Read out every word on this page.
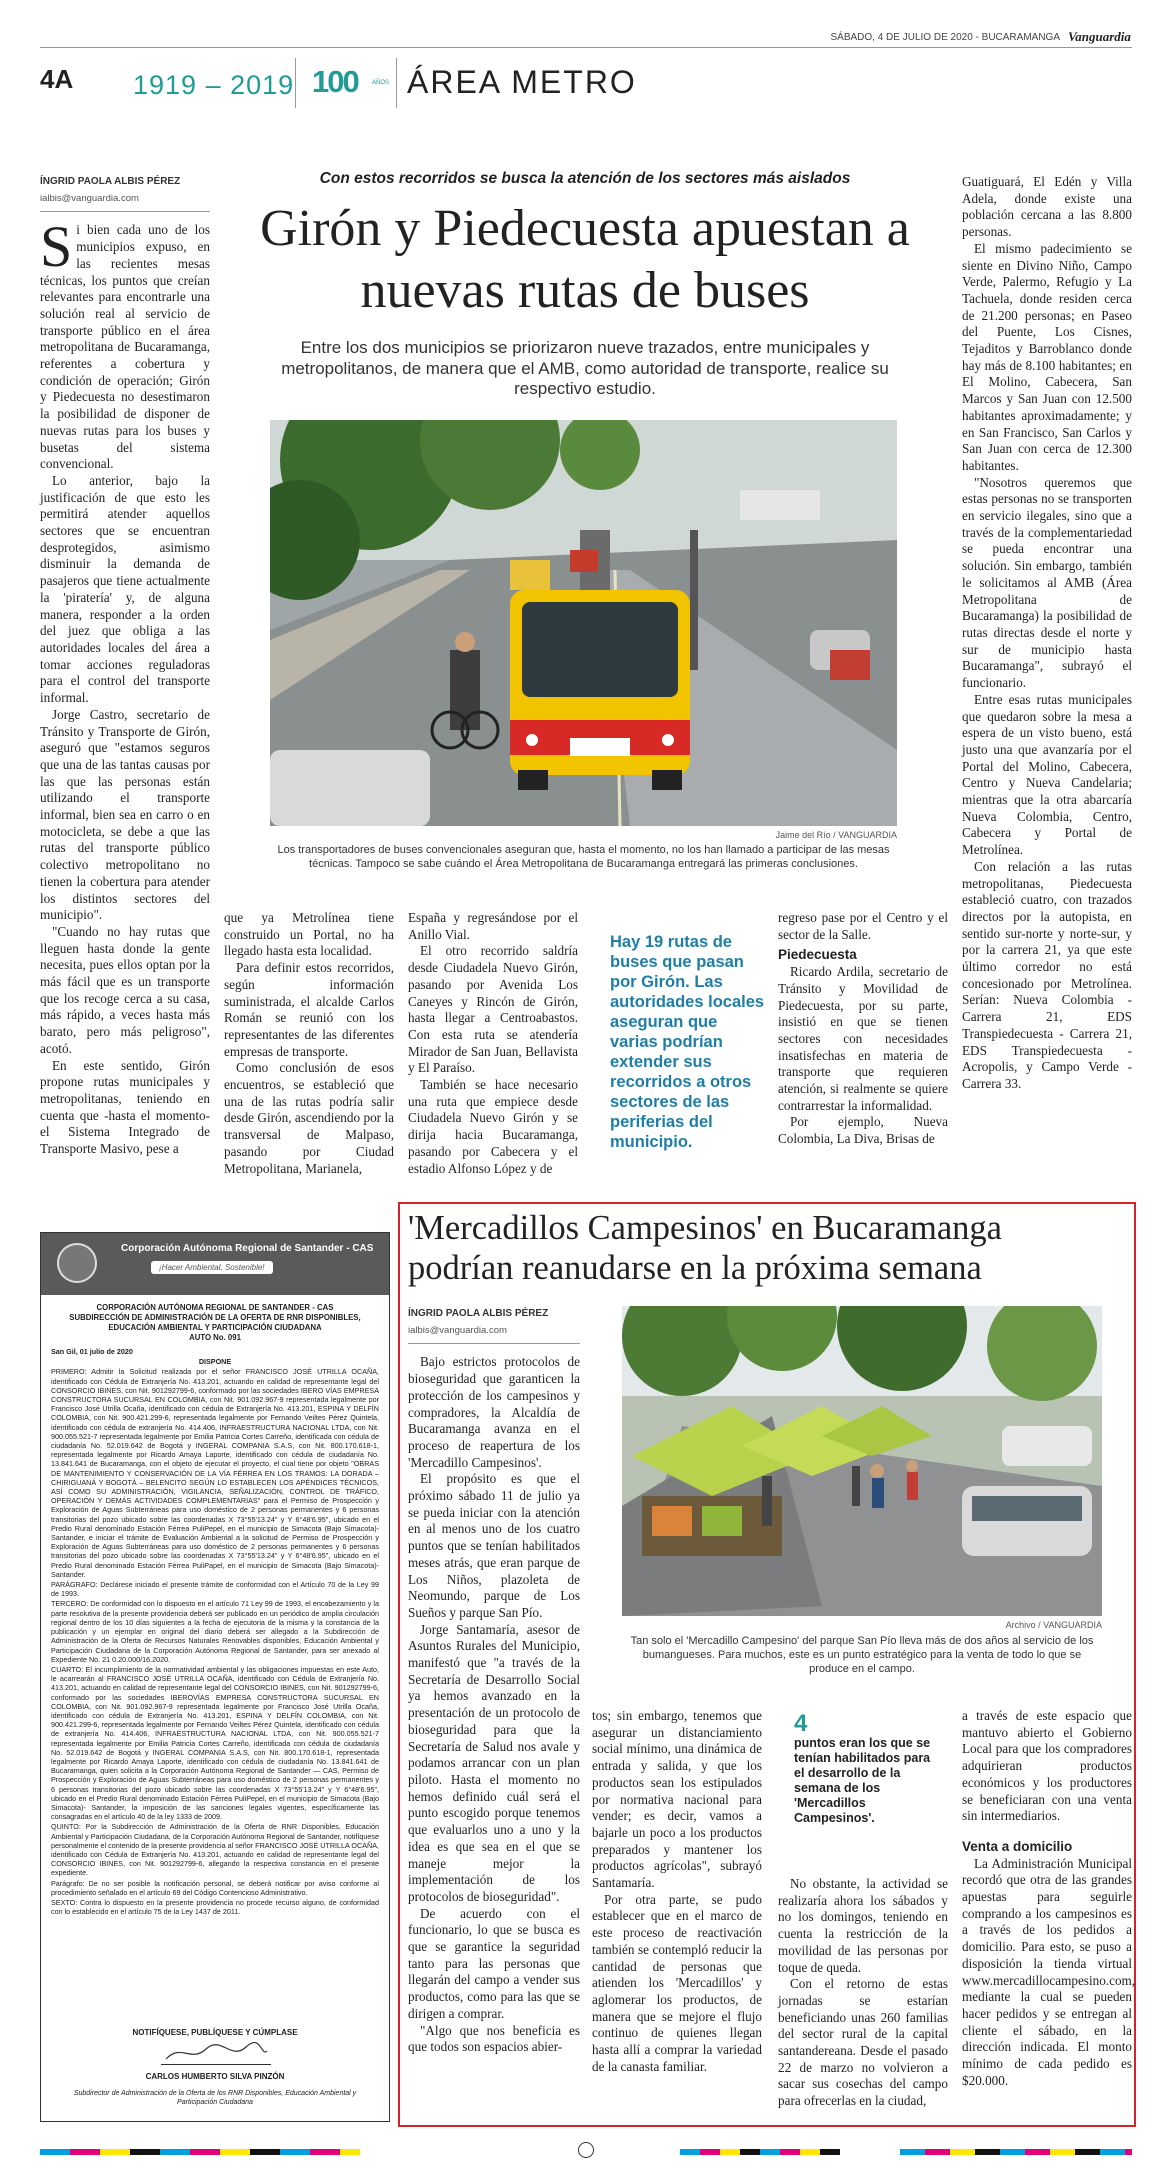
SÁBADO, 4 DE JULIO DE 2020 - BUCARAMANGA Vanguardia
4A 1919 – 2019 100 AÑOS ÁREA METRO
ÍNGRID PAOLA ALBIS PÉREZ
ialbis@vanguardia.com

Si bien cada uno de los municipios expuso, en las recientes mesas técnicas, los puntos que creían relevantes para encontrarle una solución real al servicio de transporte público en el área metropolitana de Bucaramanga, referentes a cobertura y condición de operación; Girón y Piedecuesta no desestimaron la posibilidad de disponer de nuevas rutas para los buses y busetas del sistema convencional.

Lo anterior, bajo la justificación de que esto les permitirá atender aquellos sectores que se encuentran desprotegidos, asimismo disminuir la demanda de pasajeros que tiene actualmente la 'piratería' y, de alguna manera, responder a la orden del juez que obliga a las autoridades locales del área a tomar acciones reguladoras para el control del transporte informal.

Jorge Castro, secretario de Tránsito y Transporte de Girón, aseguró que "estamos seguros que una de las tantas causas por las que las personas están utilizando el transporte informal, bien sea en carro o en motocicleta, se debe a que las rutas del transporte público colectivo metropolitano no tienen la cobertura para atender los distintos sectores del municipio".

"Cuando no hay rutas que lleguen hasta donde la gente necesita, pues ellos optan por la más fácil que es un transporte que los recoge cerca a su casa, más rápido, a veces hasta más barato, pero más peligroso", acotó.

En este sentido, Girón propone rutas municipales y metropolitanas, teniendo en cuenta que -hasta el momento- el Sistema Integrado de Transporte Masivo, pese a

Con estos recorridos se busca la atención de los sectores más aislados
Girón y Piedecuesta apuestan a
nuevas rutas de buses
Entre los dos municipios se priorizaron nueve trazados, entre municipales y metropolitanos, de manera que el AMB, como autoridad de transporte, realice su respectivo estudio.
Jaime del Río / VANGUARDIA
Los transportadores de buses convencionales aseguran que, hasta el momento, no los han llamado a participar de las mesas técnicas. Tampoco se sabe cuándo el Área Metropolitana de Bucaramanga entregará las primeras conclusiones.

que ya Metrolínea tiene construido un Portal, no ha llegado hasta esta localidad.

Para definir estos recorridos, según información suministrada, el alcalde Carlos Román se reunió con los representantes de las diferentes empresas de transporte.

Como conclusión de esos encuentros, se estableció que una de las rutas podría salir desde Girón, ascendiendo por la transversal de Malpaso, pasando por Ciudad Metropolitana, Marianela,

España y regresándose por el Anillo Vial.

El otro recorrido saldría desde Ciudadela Nuevo Girón, pasando por Avenida Los Caneyes y Rincón de Girón, hasta llegar a Centroabastos. Con esta ruta se atendería Mirador de San Juan, Bellavista y El Paraíso.

También se hace necesario una ruta que empiece desde Ciudadela Nuevo Girón y se dirija hacia Bucaramanga, pasando por Cabecera y el estadio Alfonso López y de

Hay 19 rutas de buses que pasan por Girón. Las autoridades locales aseguran que varias podrían extender sus recorridos a otros sectores de las periferias del municipio.

regreso pase por el Centro y el sector de la Salle.

Piedecuesta

Ricardo Ardila, secretario de Tránsito y Movilidad de Piedecuesta, por su parte, insistió en que se tienen sectores con necesidades insatisfechas en materia de transporte que requieren atención, si realmente se quiere contrarrestar la informalidad.

Por ejemplo, Nueva Colombia, La Diva, Brisas de

Guatiguará, El Edén y Villa Adela, donde existe una población cercana a las 8.800 personas.

El mismo padecimiento se siente en Divino Niño, Campo Verde, Palermo, Refugio y La Tachuela, donde residen cerca de 21.200 personas; en Paseo del Puente, Los Cisnes, Tejaditos y Barroblanco donde hay más de 8.100 habitantes; en El Molino, Cabecera, San Marcos y San Juan con 12.500 habitantes aproximadamente; y en San Francisco, San Carlos y San Juan con cerca de 12.300 habitantes.

"Nosotros queremos que estas personas no se transporten en servicio ilegales, sino que a través de la complementariedad se pueda encontrar una solución. Sin embargo, también le solicitamos al AMB (Área Metropolitana de Bucaramanga) la posibilidad de rutas directas desde el norte y sur de municipio hasta Bucaramanga", subrayó el funcionario.

Entre esas rutas municipales que quedaron sobre la mesa a espera de un visto bueno, está justo una que avanzaría por el Portal del Molino, Cabecera, Centro y Nueva Candelaria; mientras que la otra abarcaría Nueva Colombia, Centro, Cabecera y Portal de Metrolínea.

Con relación a las rutas metropolitanas, Piedecuesta estableció cuatro, con trazados directos por la autopista, en sentido sur-norte y norte-sur, y por la carrera 21, ya que este último corredor no está concesionado por Metrolínea. Serían: Nueva Colombia - Carrera 21, EDS Transpiedecuesta - Carrera 21, EDS Transpiedecuesta - Acropolis, y Campo Verde - Carrera 33.

Corporación Autónoma Regional de Santander - CAS
¡Hacer Ambiental, Sostenible!
CORPORACIÓN AUTÓNOMA REGIONAL DE SANTANDER - CAS
SUBDIRECCIÓN DE ADMINISTRACIÓN DE LA OFERTA DE RNR DISPONIBLES, EDUCACIÓN AMBIENTAL Y PARTICIPACIÓN CIUDADANA
AUTO No. 091

San Gil, 01 julio de 2020

DISPONE

PRIMERO: Admitir la Solicitud realizada por el señor FRANCISCO JOSÉ UTRILLA OCAÑA, identificado con Cédula de Extranjería No. 413.201, actuando en calidad de representante legal del CONSORCIO IBINES, con Nit. 901292799-6, conformado por las sociedades IBERO VÍAS EMPRESA CONSTRUCTORA SUCURSAL EN COLOMBIA, con Nit. 901.092.967-9 representada legalmente por Francisco José Utrilla Ocaña, identificado con cédula de Extranjería No. 413.201, ESPINA Y DELFÍN COLOMBIA, con Nit. 900.421.299-6, representada legalmente por Fernando Veiltes Pérez Quintela, identificado con cédula de extranjería No. 414.406, INFRAESTRUCTURA NACIONAL LTDA, con Nit. 900.055.521-7 representada legalmente por Emilia Patricia Cortes Carreño, identificada con cédula de ciudadanía No. 52.019.642 de Bogotá y INGERAL COMPANIA S.A.S, con Nit. 800.170.618-1, representada legalmente por Ricardo Amaya Laporte, identificado con cédula de ciudadanía No. 13.841.641 de Bucaramanga, con el objeto de ejecutar el proyecto, el cual tiene por objeto "OBRAS DE MANTENIMIENTO Y CONSERVACIÓN DE LA VÍA FÉRREA EN LOS TRAMOS: LA DORADA – CHIRIGUANÁ Y BOGOTÁ – BELENCITO SEGÚN LO ESTABLECEN LOS APÉNDICES TÉCNICOS, ASÍ COMO SU ADMINISTRACIÓN, VIGILANCIA, SEÑALIZACIÓN, CONTROL DE TRÁFICO, OPERACIÓN Y DEMÁS ACTIVIDADES COMPLEMENTARIAS" para el Permiso de Prospección y Exploración de Aguas Subterráneas para uso doméstico de 2 personas permanentes y 6 personas transitorias del pozo ubicado sobre las coordenadas X 73°55'13.24" y Y 6°48'6.95", ubicado en el Predio Rural denominado Estación Férrea PuliPepel, en el municipio de Simacota (Bajo Simacota)- Santander, e iniciar el trámite de Evaluación Ambiental a la solicitud de Permiso de Prospección y Exploración de Aguas Subterráneas para uso doméstico de 2 personas permanentes y 6 personas transitorias del pozo ubicado sobre las coordenadas X 73°55'13.24" y Y 6°48'6.95", ubicado en el Predio Rural denominado Estación Férrea PuliPapel, en el municipio de Simacota (Bajo Simacota)- Santander.

PARÁGRAFO: Declárese iniciado el presente trámite de conformidad con el Artículo 70 de la Ley 99 de 1993.

TERCERO: De conformidad con lo dispuesto en el artículo 71 Ley 99 de 1993, el encabezamiento y la parte resolutiva de la presente providencia deberá ser publicado en un periódico de amplia circulación regional dentro de los 10 días siguientes a la fecha de ejecutoria de la misma y la constancia de la publicación y un ejemplar en original del diario deberá ser allegado a la Subdirección de Administración de la Oferta de Recursos Naturales Renovables disponibles, Educación Ambiental y Participación Ciudadana de la Corporación Autónoma Regional de Santander, para ser anexado al Expediente No. 21 0.20.000/16.2020.

CUARTO: El incumplimiento de la normatividad ambiental y las obligaciones impuestas en este Auto, le acarrearán al FRANCISCO JOSÉ UTRILLA OCAÑA, identificado con Cédula de Extranjería No. 413.201, actuando en calidad de representante legal del CONSORCIO IBINES, con Nit. 901292799-6, conformado por las sociedades IBEROVÍAS EMPRESA CONSTRUCTORA SUCURSAL EN COLOMBIA, con Nit. 901.092.967-9 representada legalmente por Francisco José Utrilla Ocaña, identificado con cédula de Extranjería No. 413.201, ESPINA Y DELFÍN COLOMBIA, con Nit. 900.421.299-6, representada legalmente por Fernando Veiltes Pérez Quintela, identificado con cédula de extranjería No. 414.406, INFRAESTRUCTURA NACIONAL LTDA, con Nit. 900.055.521-7 representada legalmente por Emilia Patricia Cortes Carreño, identificada con cédula de ciudadanía No. 52.019.642 de Bogotá y INGERAL COMPANIA S.A.S, con Nit. 800.170.618-1, representada legalmente por Ricardo Amaya Laporte, identificado con cédula de ciudadanía No. 13.841.641 de Bucaramanga, quien solicita a la Corporación Autónoma Regional de Santander — CAS, Permiso de Prospección y Exploración de Aguas Subterráneas para uso doméstico de 2 personas permanentes y 6 personas transitorias del pozo ubicado sobre las coordenadas X 73°55'13.24" y Y 6°48'6.95", ubicado en el Predio Rural denominado Estación Férrea PuliPepel, en el municipio de Simacota (Bajo Simacota)- Santander, la imposición de las sanciones legales vigentes, específicamente las consagradas en el artículo 40 de la ley 1333 de 2009.

QUINTO: Por la Subdirección de Administración de la Oferta de RNR Disponibles, Educación Ambiental y Participación Ciudadana, de la Corporación Autónoma Regional de Santander, notifíquese personalmente el contenido de la presente providencia al señor FRANCISCO JOSÉ UTRILLA OCAÑA, identificado con Cédula de Extranjería No. 413.201, actuando en calidad de representante legal del CONSORCIO IBINES, con Nit. 901292799-6, allegando la respectiva constancia en el presente expediente.

Parágrafo: De no ser posible la notificación personal, se deberá notificar por aviso conforme al procedimiento señalado en el artículo 69 del Código Contencioso Administrativo.

SEXTO: Contra lo dispuesto en la presente providencia no procede recurso alguno, de conformidad con lo establecido en el artículo 75 de la Ley 1437 de 2011.

NOTIFÍQUESE, PUBLÍQUESE Y CÚMPLASE
CARLOS HUMBERTO SILVA PINZÓN
Subdirector de Administración de la Oferta de los RNR Disponibles, Educación Ambiental y Participación Ciudadana
'Mercadillos Campesinos' en Bucaramanga
podrían reanudarse en la próxima semana
ÍNGRID PAOLA ALBIS PÉREZ
ialbis@vanguardia.com

Bajo estrictos protocolos de bioseguridad que garanticen la protección de los campesinos y compradores, la Alcaldía de Bucaramanga avanza en el proceso de reapertura de los 'Mercadillo Campesinos'.

El propósito es que el próximo sábado 11 de julio ya se pueda iniciar con la atención en al menos uno de los cuatro puntos que se tenían habilitados meses atrás, que eran parque de Los Niños, plazoleta de Neomundo, parque de Los Sueños y parque San Pío.

Jorge Santamaría, asesor de Asuntos Rurales del Municipio, manifestó que "a través de la Secretaría de Desarrollo Social ya hemos avanzado en la presentación de un protocolo de bioseguridad para que la Secretaría de Salud nos avale y podamos arrancar con un plan piloto. Hasta el momento no hemos definido cuál será el punto escogido porque tenemos que evaluarlos uno a uno y la idea es que sea en el que se maneje mejor la implementación de los protocolos de bioseguridad".

De acuerdo con el funcionario, lo que se busca es que se garantice la seguridad tanto para las personas que llegarán del campo a vender sus productos, como para las que se dirigen a comprar.

"Algo que nos beneficia es que todos son espacios abier-

Archivo / VANGUARDIA
Tan solo el 'Mercadillo Campesino' del parque San Pío lleva más de dos años al servicio de los bumangueses. Para muchos, este es un punto estratégico para la venta de todo lo que se produce en el campo.

tos; sin embargo, tenemos que asegurar un distanciamiento social mínimo, una dinámica de entrada y salida, y que los productos sean los estipulados por normativa nacional para vender; es decir, vamos a bajarle un poco a los productos preparados y mantener los productos agrícolas", subrayó Santamaría.

Por otra parte, se pudo establecer que en el marco de este proceso de reactivación también se contempló reducir la cantidad de personas que atienden los 'Mercadillos' y aglomerar los productos, de manera que se mejore el flujo continuo de quienes llegan hasta allí a comprar la variedad de la canasta familiar.

4
puntos eran los que se tenían habilitados para el desarrollo de la semana de los 'Mercadillos Campesinos'.

No obstante, la actividad se realizaría ahora los sábados y no los domingos, teniendo en cuenta la restricción de la movilidad de las personas por toque de queda.

Con el retorno de estas jornadas se estarían beneficiando unas 260 familias del sector rural de la capital santandereana. Desde el pasado 22 de marzo no volvieron a sacar sus cosechas del campo para ofrecerlas en la ciudad,

a través de este espacio que mantuvo abierto el Gobierno Local para que los compradores adquirieran productos económicos y los productores se beneficiaran con una venta sin intermediarios.

Venta a domicilio

La Administración Municipal recordó que otra de las grandes apuestas para seguirle comprando a los campesinos es a través de los pedidos a domicilio. Para esto, se puso a disposición la tienda virtual www.mercadillocampesino.com, mediante la cual se pueden hacer pedidos y se entregan al cliente el sábado, en la dirección indicada. El monto mínimo de cada pedido es $20.000.
